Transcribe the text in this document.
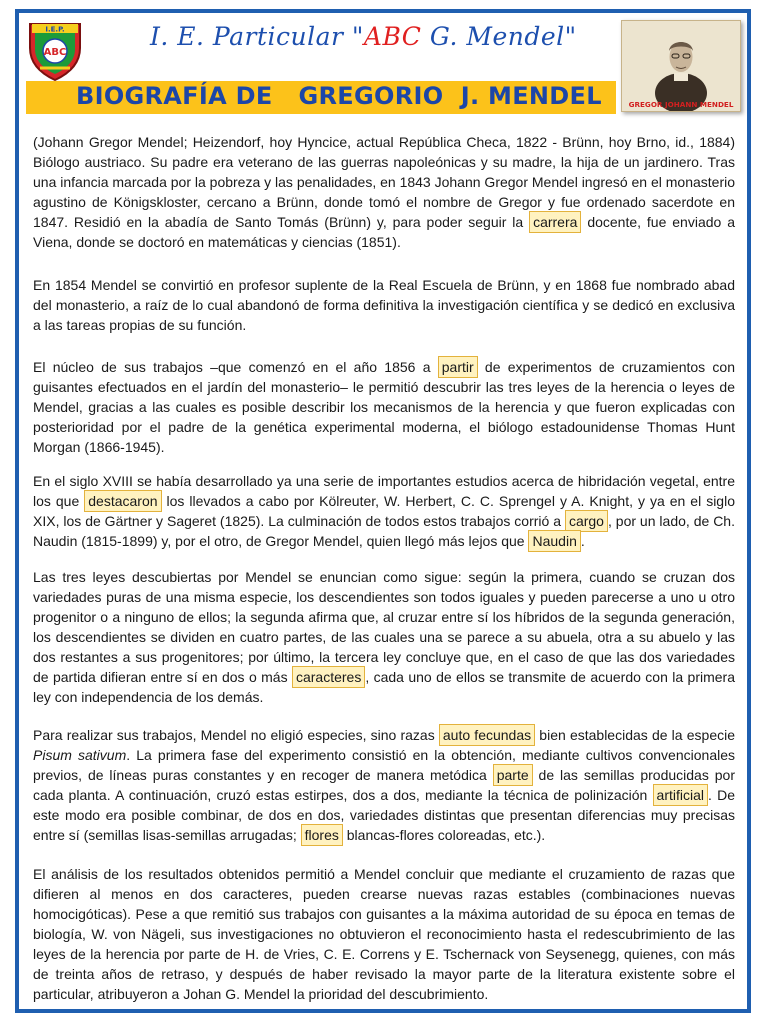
I.E.P.
ABC
I. E. Particular "ABC G. Mendel"
BIOGRAFÍA DE   GREGORIO  J. MENDEL	GREGOR JOHANN MENDEL

(Johann Gregor Mendel; Heizendorf, hoy Hyncice, actual República Checa, 1822 - Brünn, hoy Brno, id., 1884) Biólogo austriaco. Su padre era veterano de las guerras napoleónicas y su madre, la hija de un jardinero. Tras una infancia marcada por la pobreza y las penalidades, en 1843 Johann Gregor Mendel ingresó en el monasterio agustino de Königskloster, cercano a Brünn, donde tomó el nombre de Gregor y fue ordenado sacerdote en 1847. Residió en la abadía de Santo Tomás (Brünn) y, para poder seguir la carrera docente, fue enviado a Viena, donde se doctoró en matemáticas y ciencias (1851).

En 1854 Mendel se convirtió en profesor suplente de la Real Escuela de Brünn, y en 1868 fue nombrado abad del monasterio, a raíz de lo cual abandonó de forma definitiva la investigación científica y se dedicó en exclusiva a las tareas propias de su función.

El núcleo de sus trabajos –que comenzó en el año 1856 a partir de experimentos de cruzamientos con guisantes efectuados en el jardín del monasterio– le permitió descubrir las tres leyes de la herencia o leyes de Mendel, gracias a las cuales es posible describir los mecanismos de la herencia y que fueron explicadas con posterioridad por el padre de la genética experimental moderna, el biólogo estadounidense Thomas Hunt Morgan (1866-1945).

En el siglo XVIII se había desarrollado ya una serie de importantes estudios acerca de hibridación vegetal, entre los que destacaron los llevados a cabo por Kölreuter, W. Herbert, C. C. Sprengel y A. Knight, y ya en el siglo XIX, los de Gärtner y Sageret (1825). La culminación de todos estos trabajos corrió a cargo , por un lado, de Ch. Naudin (1815-1899) y, por el otro, de Gregor Mendel, quien llegó más lejos que Naudin .

Las tres leyes descubiertas por Mendel se enuncian como sigue: según la primera, cuando se cruzan dos variedades puras de una misma especie, los descendientes son todos iguales y pueden parecerse a uno u otro progenitor o a ninguno de ellos; la segunda afirma que, al cruzar entre sí los híbridos de la segunda generación, los descendientes se dividen en cuatro partes, de las cuales una se parece a su abuela, otra a su abuelo y las dos restantes a sus progenitores; por último, la tercera ley concluye que, en el caso de que las dos variedades de partida difieran entre sí en dos o más caracteres , cada uno de ellos se transmite de acuerdo con la primera ley con independencia de los demás.

Para realizar sus trabajos, Mendel no eligió especies, sino razas auto fecundas bien establecidas de la especie Pisum sativum. La primera fase del experimento consistió en la obtención, mediante cultivos convencionales previos, de líneas puras constantes y en recoger de manera metódica parte de las semillas producidas por cada planta. A continuación, cruzó estas estirpes, dos a dos, mediante la técnica de polinización artificial . De este modo era posible combinar, de dos en dos, variedades distintas que presentan diferencias muy precisas entre sí (semillas lisas-semillas arrugadas; flores blancas-flores coloreadas, etc.).

El análisis de los resultados obtenidos permitió a Mendel concluir que mediante el cruzamiento de razas que difieren al menos en dos caracteres, pueden crearse nuevas razas estables (combinaciones nuevas homocigóticas). Pese a que remitió sus trabajos con guisantes a la máxima autoridad de su época en temas de biología, W. von Nägeli, sus investigaciones no obtuvieron el reconocimiento hasta el redescubrimiento de las leyes de la herencia por parte de H. de Vries, C. E. Correns y E. Tschernack von Seysenegg, quienes, con más de treinta años de retraso, y después de haber revisado la mayor parte de la literatura existente sobre el particular, atribuyeron a Johan G. Mendel la prioridad del descubrimiento.
